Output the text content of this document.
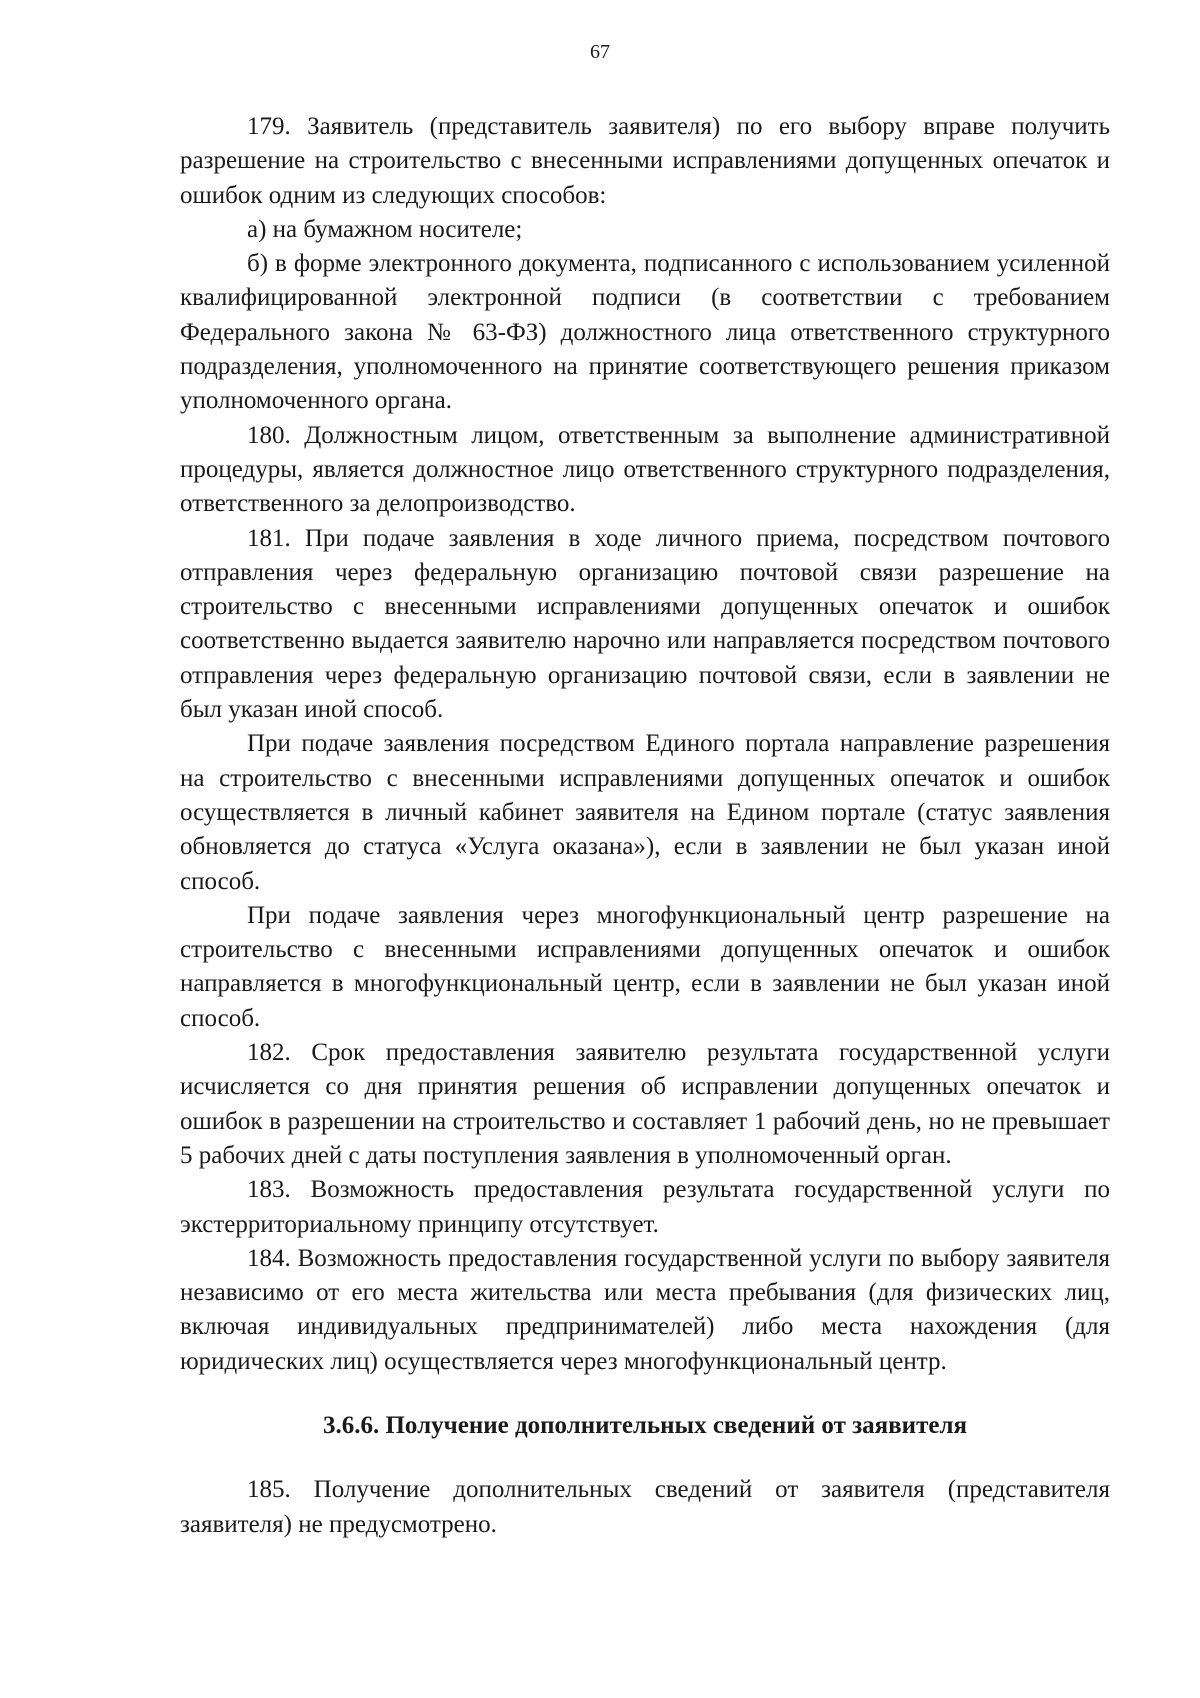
67

179. Заявитель (представитель заявителя) по его выбору вправе получить разрешение на строительство с внесенными исправлениями допущенных опечаток и ошибок одним из следующих способов:

а) на бумажном носителе;

б) в форме электронного документа, подписанного с использованием усиленной квалифицированной электронной подписи (в соответствии с требованием Федерального закона № 63-ФЗ) должностного лица ответственного структурного подразделения, уполномоченного на принятие соответствующего решения приказом уполномоченного органа.

180. Должностным лицом, ответственным за выполнение административной процедуры, является должностное лицо ответственного структурного подразделения, ответственного за делопроизводство.

181. При подаче заявления в ходе личного приема, посредством почтового отправления через федеральную организацию почтовой связи разрешение на строительство с внесенными исправлениями допущенных опечаток и ошибок соответственно выдается заявителю нарочно или направляется посредством почтового отправления через федеральную организацию почтовой связи, если в заявлении не был указан иной способ.

При подаче заявления посредством Единого портала направление разрешения на строительство с внесенными исправлениями допущенных опечаток и ошибок осуществляется в личный кабинет заявителя на Едином портале (статус заявления обновляется до статуса «Услуга оказана»), если в заявлении не был указан иной способ.

При подаче заявления через многофункциональный центр разрешение на строительство с внесенными исправлениями допущенных опечаток и ошибок направляется в многофункциональный центр, если в заявлении не был указан иной способ.

182. Срок предоставления заявителю результата государственной услуги исчисляется со дня принятия решения об исправлении допущенных опечаток и ошибок в разрешении на строительство и составляет 1 рабочий день, но не превышает 5 рабочих дней с даты поступления заявления в уполномоченный орган.

183. Возможность предоставления результата государственной услуги по экстерриториальному принципу отсутствует.

184. Возможность предоставления государственной услуги по выбору заявителя независимо от его места жительства или места пребывания (для физических лиц, включая индивидуальных предпринимателей) либо места нахождения (для юридических лиц) осуществляется через многофункциональный центр.

3.6.6. Получение дополнительных сведений от заявителя

185. Получение дополнительных сведений от заявителя (представителя заявителя) не предусмотрено.
